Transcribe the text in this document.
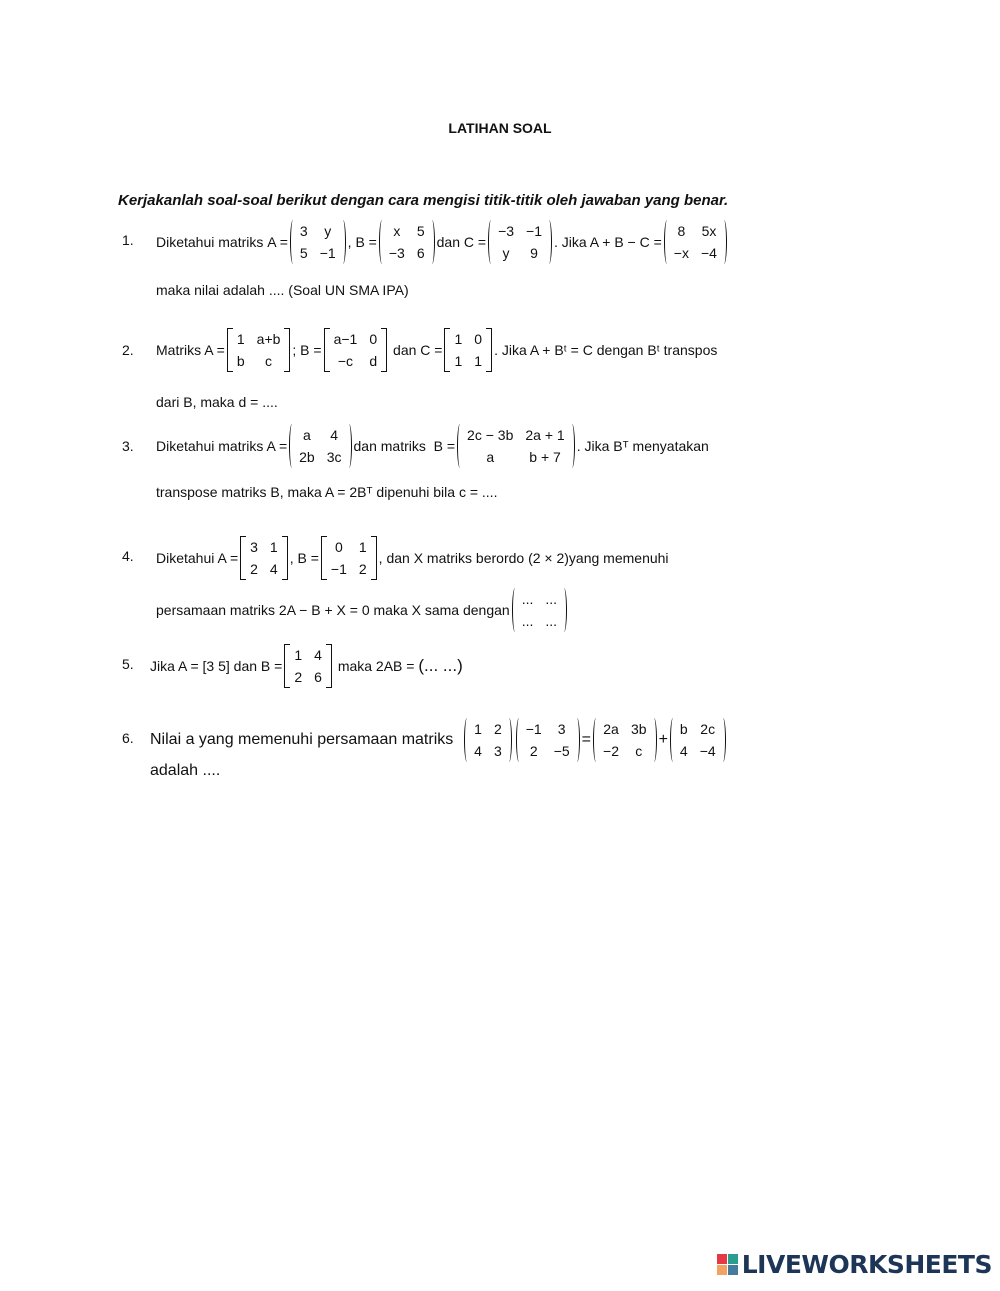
LATIHAN SOAL
Kerjakanlah soal-soal berikut dengan cara mengisi titik-titik oleh jawaban yang benar.
1. Diketahui matriks
A =
3	y
5 −1
, B =
x	5
−3 6
dan C =
−3 −1
y	9
. Jika A + B − C =
8 5x
−x −4
maka nilai adalah .... (Soal UN SMA IPA)
2. Matriks A =
1 a+b
b	c
; B =
a−1 0
−c	d

dan C =
1 0
1 1
. Jika A + Bᵗ = C dengan Bᵗ transpos
dari B, maka d = ....
3. Diketahui matriks A =
a 4
2b 3c
dan matriks
B =
2c − 3b 2a + 1
a	b + 7
. Jika Bᵀ menyatakan
transpose matriks B, maka A = 2Bᵀ dipenuhi bila c = ....
4. Diketahui A =
3 1
2 4
, B =
0 1
−1 2
, dan X matriks berordo (2 × 2)yang memenuhi
persamaan matriks 2A − B + X = 0 maka X sama dengan
... ...
... ...
5. Jika A = [3 5] dan B =
1 4
2 6

maka 2AB =
(... ...)
6. Nilai a yang memenuhi persamaan matriks

1 2
4 3
−1 3
2 −5
=
2a 3b
−2	c
+
b 2c
4 −4
adalah ....
LIVEWORKSHEETS
